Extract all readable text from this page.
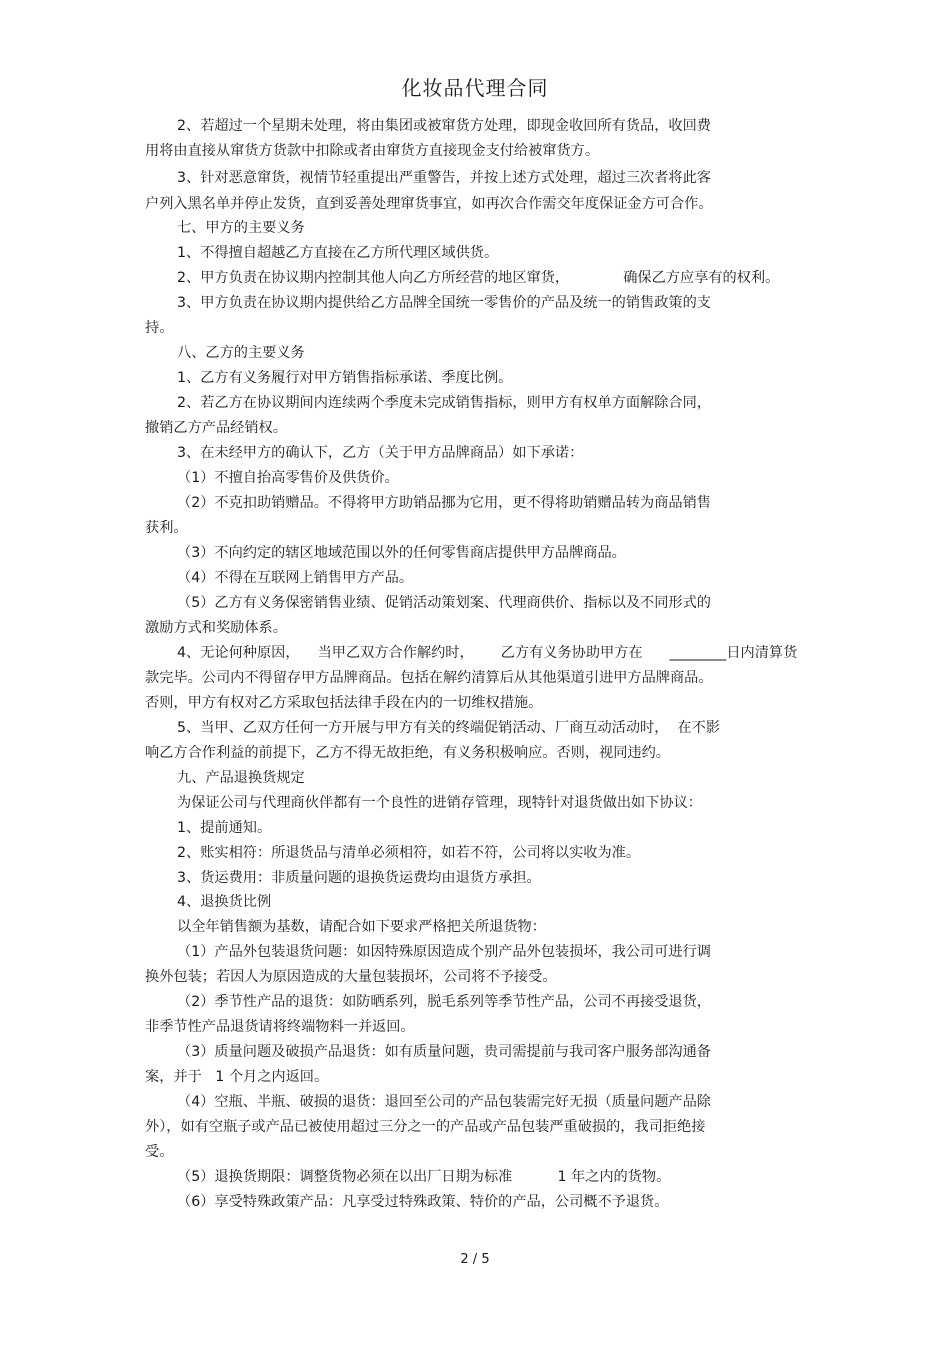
化妆品代理合同
2、若超过一个星期未处理，将由集团或被窜货方处理，即现金收回所有货品，收回费
用将由直接从窜货方货款中扣除或者由窜货方直接现金支付给被窜货方。
3、针对恶意窜货，视情节轻重提出严重警告，并按上述方式处理，超过三次者将此客
户列入黑名单并停止发货，直到妥善处理窜货事宜，如再次合作需交年度保证金方可合作。
七、甲方的主要义务
1、不得擅自超越乙方直接在乙方所代理区域供货。
2、甲方负责在协议期内控制其他人向乙方所经营的地区窜货，            确保乙方应享有的权利。
3、甲方负责在协议期内提供给乙方品牌全国统一零售价的产品及统一的销售政策的支
持。
八、乙方的主要义务
1、乙方有义务履行对甲方销售指标承诺、季度比例。
2、若乙方在协议期间内连续两个季度未完成销售指标，则甲方有权单方面解除合同，
撤销乙方产品经销权。
3、在未经甲方的确认下，乙方（关于甲方品牌商品）如下承诺：
（1）不擅自抬高零售价及供货价。
（2）不克扣助销赠品。不得将甲方助销品挪为它用，更不得将助销赠品转为商品销售
获利。
（3）不向约定的辖区地域范围以外的任何零售商店提供甲方品牌商品。
（4）不得在互联网上销售甲方产品。
（5）乙方有义务保密销售业绩、促销活动策划案、代理商供价、指标以及不同形式的
激励方式和奖励体系。
4、无论何种原因，    当甲乙双方合作解约时，      乙方有义务协助甲方在      ________日内清算货
款完毕。公司内不得留存甲方品牌商品。包括在解约清算后从其他渠道引进甲方品牌商品。
否则，甲方有权对乙方采取包括法律手段在内的一切维权措施。
5、当甲、乙双方任何一方开展与甲方有关的终端促销活动、厂商互动活动时，  在不影
响乙方合作利益的前提下，乙方不得无故拒绝，有义务积极响应。否则，视同违约。
九、产品退换货规定
为保证公司与代理商伙伴都有一个良性的进销存管理，现特针对退货做出如下协议：
1、提前通知。
2、账实相符：所退货品与清单必须相符，如若不符，公司将以实收为准。
3、货运费用：非质量问题的退换货运费均由退货方承担。
4、退换货比例
以全年销售额为基数，请配合如下要求严格把关所退货物：
（1）产品外包装退货问题：如因特殊原因造成个别产品外包装损坏，我公司可进行调
换外包装；若因人为原因造成的大量包装损坏，公司将不予接受。
（2）季节性产品的退货：如防晒系列，脱毛系列等季节性产品，公司不再接受退货，
非季节性产品退货请将终端物料一并返回。
（3）质量问题及破损产品退货：如有质量问题，贵司需提前与我司客户服务部沟通备
案，并于   1 个月之内返回。
（4）空瓶、半瓶、破损的退货：退回至公司的产品包装需完好无损（质量问题产品除
外），如有空瓶子或产品已被使用超过三分之一的产品或产品包装严重破损的，我司拒绝接
受。
（5）退换货期限：调整货物必须在以出厂日期为标准          1 年之内的货物。
（6）享受特殊政策产品：凡享受过特殊政策、特价的产品，公司概不予退货。
2 / 5
